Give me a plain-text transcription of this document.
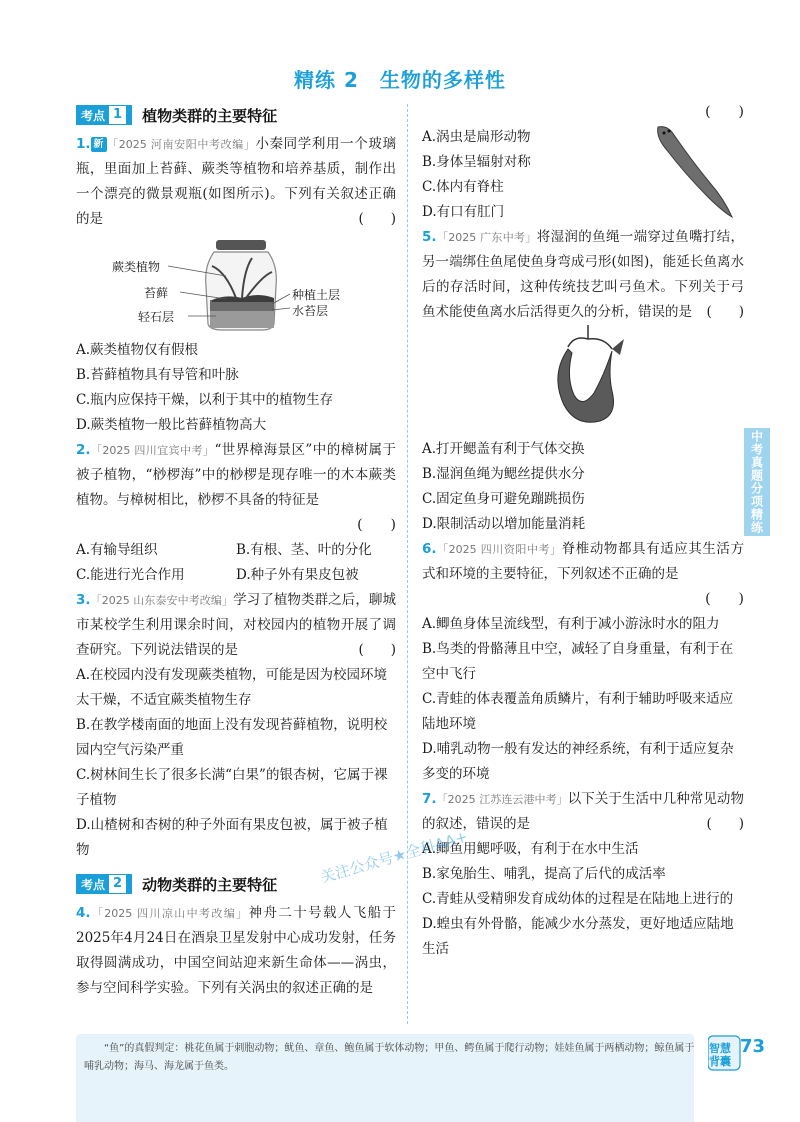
精练 2　生物的多样性
考点 1	植物类群的主要特征
1. 新 「2025 河南安阳中考改编」小秦同学利用一个玻璃瓶，里面加上苔藓、蕨类等植物和培养基质，制作出一个漂亮的微景观瓶(如图所示)。下列有关叙述正确的是	(　　)
蕨类植物
苔藓
轻石层
种植土层
水苔层
A.蕨类植物仅有假根
B.苔藓植物具有导管和叶脉
C.瓶内应保持干燥，以利于其中的植物生存
D.蕨类植物一般比苔藓植物高大
2.「2025 四川宜宾中考」“世界樟海景区”中的樟树属于被子植物，“桫椤海”中的桫椤是现存唯一的木本蕨类植物。与樟树相比，桫椤不具备的特征是
(　　)
A.有输导组织	B.有根、茎、叶的分化
C.能进行光合作用	D.种子外有果皮包被
3.「2025 山东泰安中考改编」学习了植物类群之后，聊城市某校学生利用课余时间，对校园内的植物开展了调查研究。下列说法错误的是	(　　)
A.在校园内没有发现蕨类植物，可能是因为校园环境太干燥，不适宜蕨类植物生存
B.在教学楼南面的地面上没有发现苔藓植物，说明校园内空气污染严重
C.树林间生长了很多长满“白果”的银杏树，它属于裸子植物
D.山楂树和杏树的种子外面有果皮包被，属于被子植物
考点 2	动物类群的主要特征
4.「2025 四川凉山中考改编」神舟二十号载人飞船于2025年4月24日在酒泉卫星发射中心成功发射，任务取得圆满成功，中国空间站迎来新生命体——涡虫，参与空间科学实验。下列有关涡虫的叙述正确的是
(　　)
A.涡虫是扁形动物
B.身体呈辐射对称
C.体内有脊柱
D.有口有肛门
5.「2025 广东中考」将湿润的鱼绳一端穿过鱼嘴打结，另一端绑住鱼尾使鱼身弯成弓形(如图)，能延长鱼离水后的存活时间，这种传统技艺叫弓鱼术。下列关于弓鱼术能使鱼离水后活得更久的分析，错误的是 (　　)
A.打开鳃盖有利于气体交换
B.湿润鱼绳为鳃丝提供水分
C.固定鱼身可避免蹦跳损伤
D.限制活动以增加能量消耗
6.「2025 四川资阳中考」脊椎动物都具有适应其生活方式和环境的主要特征，下列叙述不正确的是
(　　)
A.鲫鱼身体呈流线型，有利于减小游泳时水的阻力
B.鸟类的骨骼薄且中空，减轻了自身重量，有利于在空中飞行
C.青蛙的体表覆盖角质鳞片，有利于辅助呼吸来适应陆地环境
D.哺乳动物一般有发达的神经系统，有利于适应复杂多变的环境
7.「2025 江苏连云港中考」以下关于生活中几种常见动物的叙述，错误的是	(　　)
A.鲫鱼用鳃呼吸，有利于在水中生活
B.家兔胎生、哺乳，提高了后代的成活率
C.青蛙从受精卵发育成幼体的过程是在陆地上进行的
D.蝗虫有外骨骼，能减少水分蒸发，更好地适应陆地生活
中考真题分项精练
关注公众号★全科AA+
“鱼”的真假判定：桃花鱼属于刺胞动物；鱿鱼、章鱼、鲍鱼属于软体动物；甲鱼、鳄鱼属于爬行动物；娃娃鱼属于两栖动物；鲸鱼属于哺乳动物；海马、海龙属于鱼类。
智慧
背囊
73
